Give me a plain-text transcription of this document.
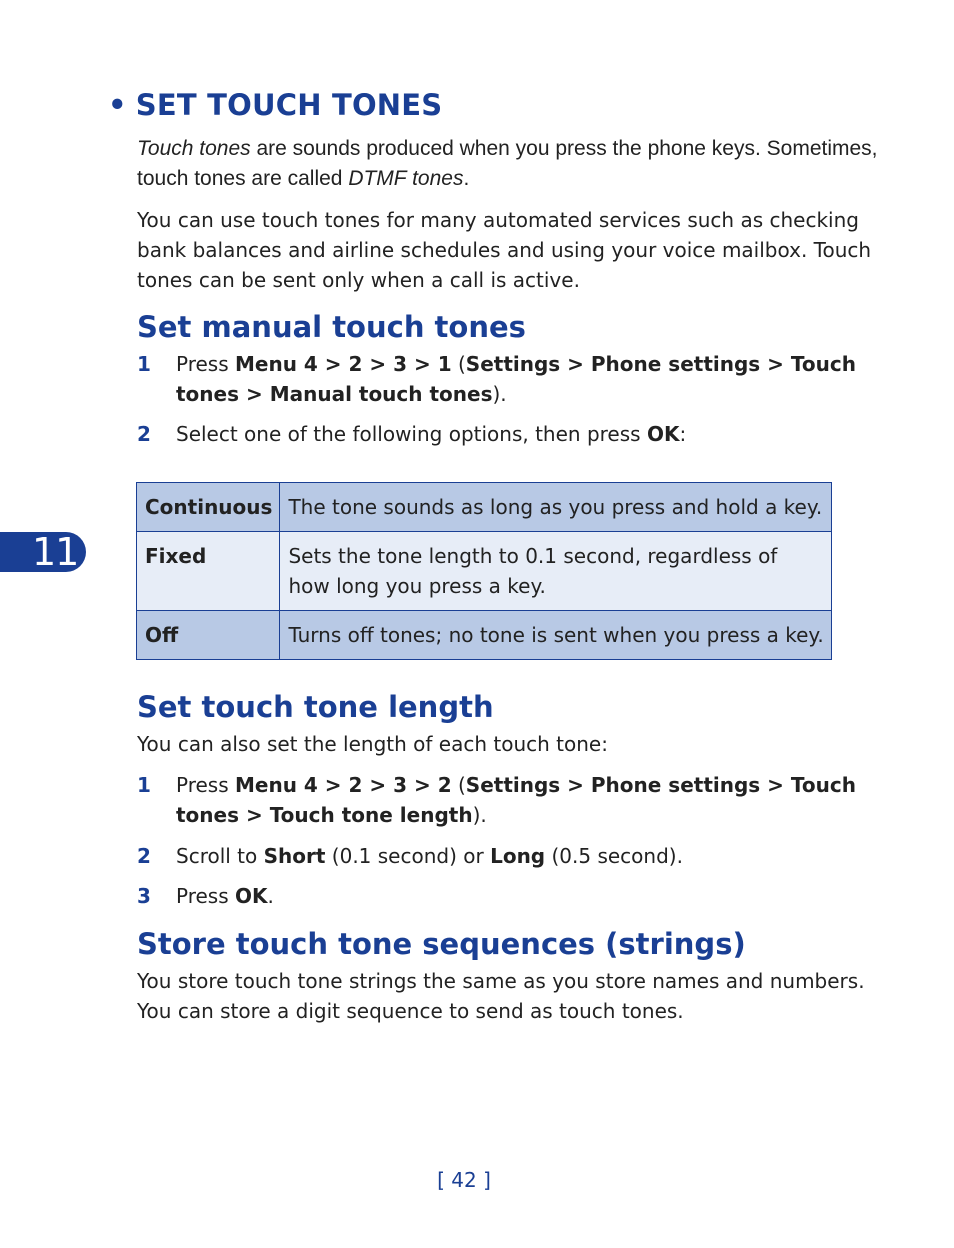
• SET TOUCH TONES

Touch tones are sounds produced when you press the phone keys. Sometimes,
touch tones are called DTMF tones.

You can use touch tones for many automated services such as checking
bank balances and airline schedules and using your voice mailbox. Touch
tones can be sent only when a call is active.

Set manual touch tones
1 Press Menu 4 > 2 > 3 > 1 (Settings > Phone settings > Touch
tones > Manual touch tones).
2 Select one of the following options, then press OK:
Continuous	The tone sounds as long as you press and hold a key.
Fixed	Sets the tone length to 0.1 second, regardless of
how long you press a key.
Off	Turns off tones; no tone is sent when you press a key.
11
Set touch tone length

You can also set the length of each touch tone:

1 Press Menu 4 > 2 > 3 > 2 (Settings > Phone settings > Touch
tones > Touch tone length).
2 Scroll to Short (0.1 second) or Long (0.5 second).
3 Press OK.
Store touch tone sequences (strings)

You store touch tone strings the same as you store names and numbers.
You can store a digit sequence to send as touch tones.

[ 42 ]
